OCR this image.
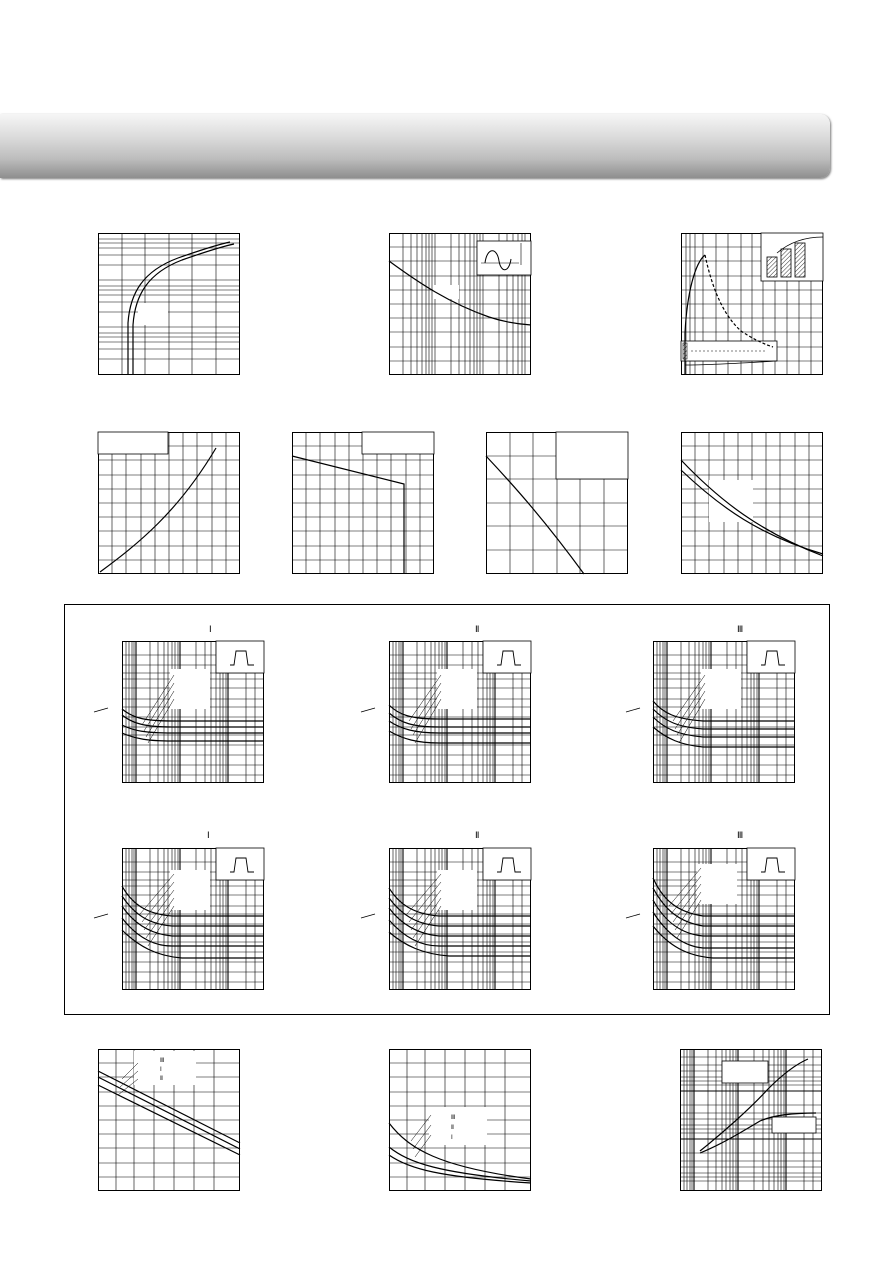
Ⅰ	Ⅱ	Ⅲ
Ⅰ	Ⅱ	Ⅲ
Ⅲ
Ⅰ
Ⅱ
Ⅲ
Ⅱ
Ⅰ
